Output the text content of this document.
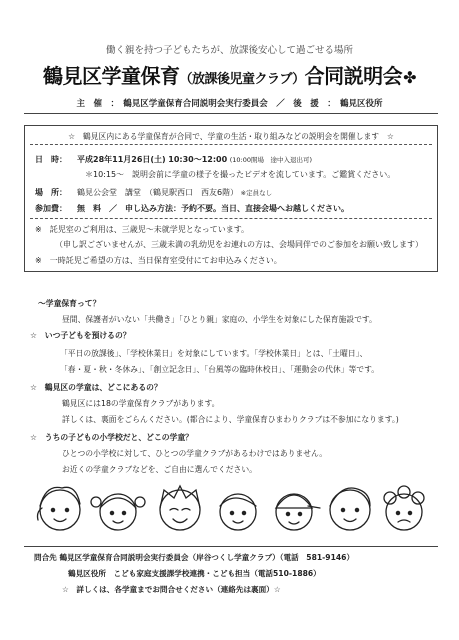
働く親を持つ子どもたちが、放課後安心して過ごせる場所
鶴見区学童保育（放課後児童クラブ）合同説明会✤
主　催　：　鶴見区学童保育合同説明会実行委員会　／　後　援　：　鶴見区役所
☆　鶴見区内にある学童保育が合同で、学童の生活・取り組みなどの説明会を開催します　☆
日　時： 平成28年11月26日(土) 10:30～12:00 (10:00開場　途中入退出可)
＊10:15～　説明会前に学童の様子を撮ったビデオを流しています。ご鑑賞ください。
場　所： 鶴見公会堂　講堂　（鶴見駅西口　西友6階） ※定員なし
参加費： 無　料　／　申し込み方法：予約不要。当日、直接会場へお越しください。
※　託児室のご利用は、三歳児～未就学児となっています。
（申し訳ございませんが、三歳未満の乳幼児をお連れの方は、会場同伴でのご参加をお願い致します）
※　一時託児ご希望の方は、当日保育室受付にてお申込みください。
～学童保育って？
昼間、保護者がいない「共働き」「ひとり親」家庭の、小学生を対象にした保育施設です。
☆　いつ子どもを預けるの？
「平日の放課後」、「学校休業日」を対象にしています。「学校休業日」とは、「土曜日」、
「春・夏・秋・冬休み」、「創立記念日」、「台風等の臨時休校日」、「運動会の代休」等です。
☆　鶴見区の学童は、どこにあるの？
鶴見区には18の学童保育クラブがあります。
詳しくは、裏面をごらんください。(都合により、学童保育ひまわりクラブは不参加になります。)
☆　うちの子どもの小学校だと、どこの学童？
ひとつの小学校に対して、ひとつの学童クラブがあるわけではありません。
お近くの学童クラブなどを、ご自由に選んでください。
問合先 鶴見区学童保育合同説明会実行委員会（岸谷つくし学童クラブ）（電話　581-9146）
鶴見区役所　こども家庭支援課学校連携・こども担当（電話510-1886）
☆　詳しくは、各学童までお問合せください（連絡先は裏面）☆
